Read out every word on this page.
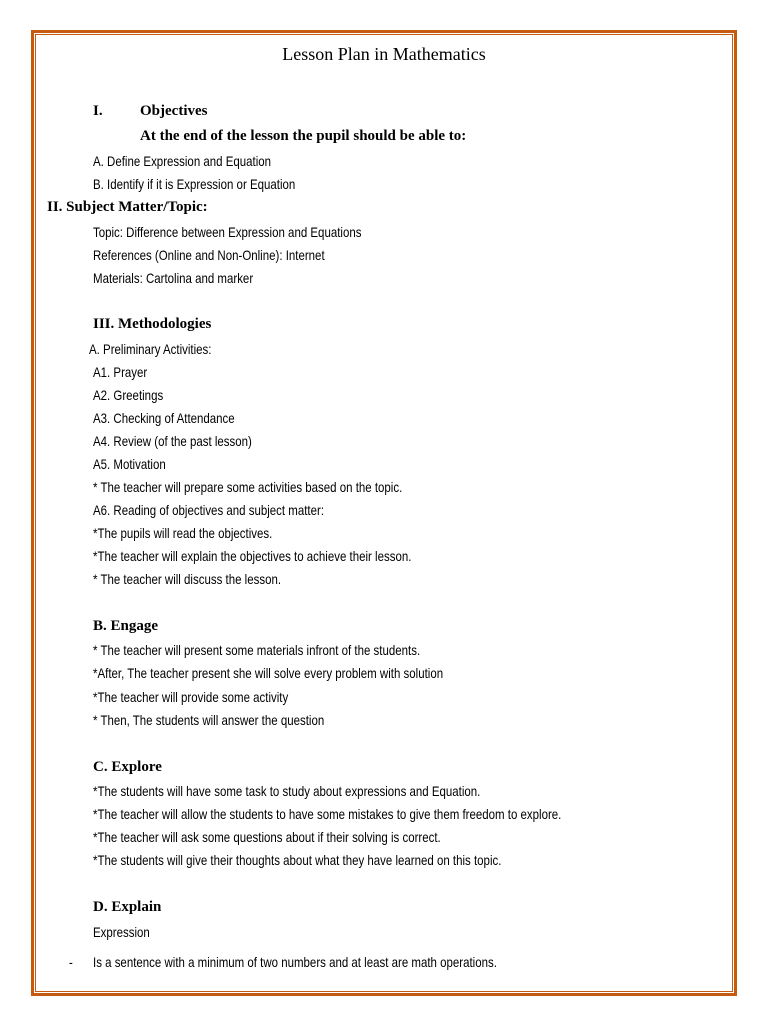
Lesson Plan in Mathematics
I. Objectives
At the end of the lesson the pupil should be able to:
A. Define Expression and Equation
B. Identify if it is Expression or Equation
II. Subject Matter/Topic:
Topic: Difference between Expression and Equations
References (Online and Non-Online): Internet
Materials: Cartolina and marker
III. Methodologies
A. Preliminary Activities:
A1. Prayer
A2. Greetings
A3. Checking of Attendance
A4. Review (of the past lesson)
A5. Motivation
* The teacher will prepare some activities based on the topic.
A6. Reading of objectives and subject matter:
*The pupils will read the objectives.
*The teacher will explain the objectives to achieve their lesson.
* The teacher will discuss the lesson.
B. Engage
* The teacher will present some materials infront of the students.
*After, The teacher present she will solve every problem with solution
*The teacher will provide some activity
* Then, The students will answer the question
C. Explore
*The students will have some task to study about expressions and Equation.
*The teacher will allow the students to have some mistakes to give them freedom to explore.
*The teacher will ask some questions about if their solving is correct.
*The students will give their thoughts about what they have learned on this topic.
D. Explain
Expression
- Is a sentence with a minimum of two numbers and at least are math operations.
